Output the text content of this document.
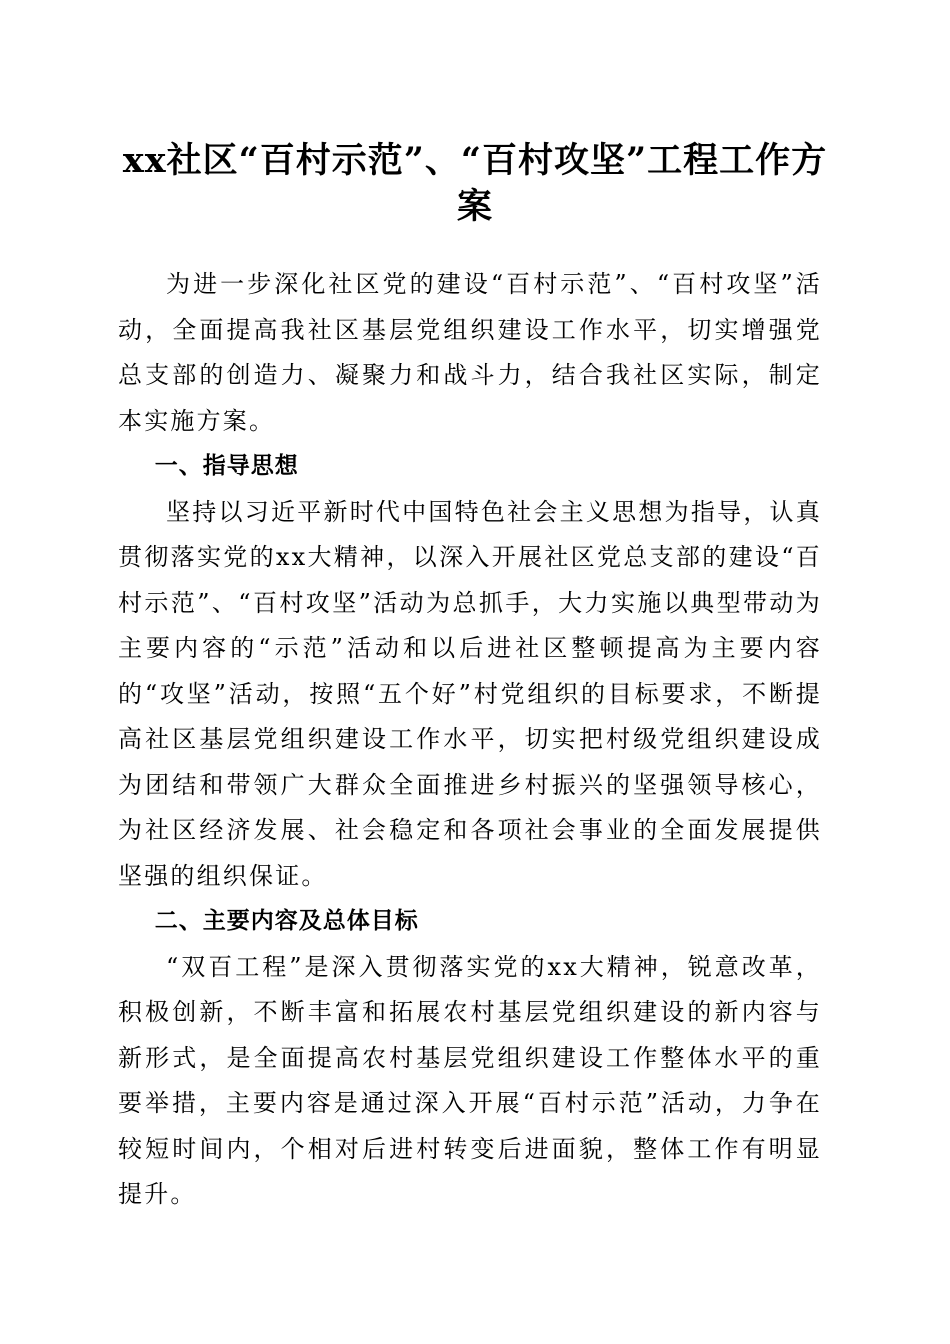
xx社区“百村示范”、“百村攻坚”工程工作方案

为进一步深化社区党的建设“百村示范”、“百村攻坚”活动，全面提高我社区基层党组织建设工作水平，切实增强党总支部的创造力、凝聚力和战斗力，结合我社区实际，制定本实施方案。

一、指导思想

坚持以习近平新时代中国特色社会主义思想为指导，认真贯彻落实党的xx大精神，以深入开展社区党总支部的建设“百村示范”、“百村攻坚”活动为总抓手，大力实施以典型带动为主要内容的“示范”活动和以后进社区整顿提高为主要内容的“攻坚”活动，按照“五个好”村党组织的目标要求，不断提高社区基层党组织建设工作水平，切实把村级党组织建设成为团结和带领广大群众全面推进乡村振兴的坚强领导核心，为社区经济发展、社会稳定和各项社会事业的全面发展提供坚强的组织保证。

二、主要内容及总体目标

“双百工程”是深入贯彻落实党的xx大精神，锐意改革，积极创新，不断丰富和拓展农村基层党组织建设的新内容与新形式，是全面提高农村基层党组织建设工作整体水平的重要举措，主要内容是通过深入开展“百村示范”活动，力争在较短时间内，个相对后进村转变后进面貌，整体工作有明显提升。
